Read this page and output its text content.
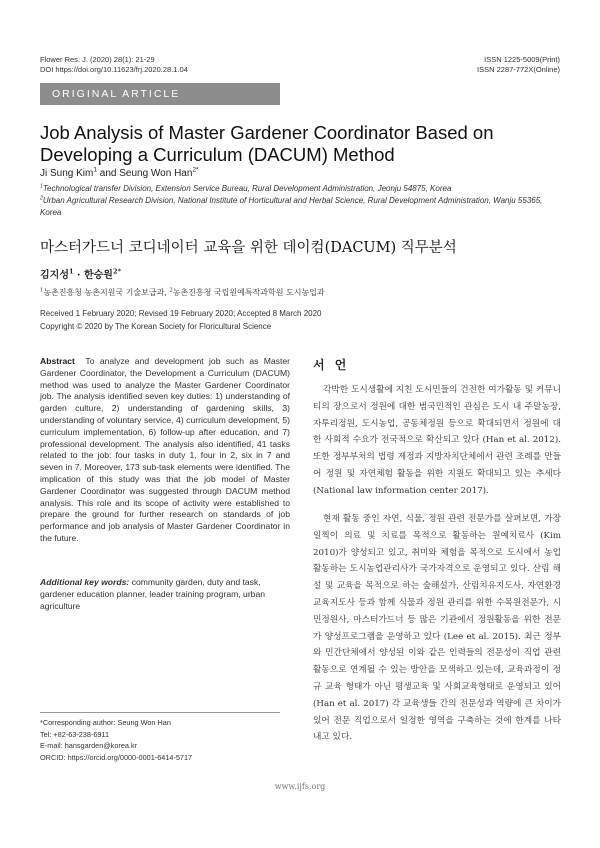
Flower Res. J. (2020) 28(1): 21-29
DOI https://doi.org/10.11623/frj.2020.28.1.04
ISSN 1225-5009(Print)
ISSN 2287-772X(Online)
ORIGINAL ARTICLE
Job Analysis of Master Gardener Coordinator Based on Developing a Curriculum (DACUM) Method
Ji Sung Kim$^1$ and Seung Won Han$^{2*}$
$^1$Technological transfer Division, Extension Service Bureau, Rural Development Administration, Jeonju 54875, Korea
$^2$Urban Agricultural Research Division, National Institute of Horticultural and Herbal Science, Rural Development Administration, Wanju 55365, Korea
마스터가드너 코디네이터 교육을 위한 데이컴(DACUM) 직무분석
김지성$^1$ · 한승원$^{2*}$
$^1$농촌진흥청 농촌지원국 기술보급과, $^2$농촌진흥청 국립원예특작과학원 도시농업과
Received 1 February 2020; Revised 19 February 2020; Accepted 8 March 2020
Copyright © 2020 by The Korean Society for Floricultural Science
Abstract To analyze and development job such as Master Gardener Coordinator, the Development a Curriculum (DACUM) method was used to analyze the Master Gardener Coordinator job. The analysis identified seven key duties: 1) understanding of garden culture, 2) understanding of gardening skills, 3) understanding of voluntary service, 4) curriculum development, 5) curriculum implementation, 6) follow-up after education, and 7) professional development. The analysis also identified, 41 tasks related to the job: four tasks in duty 1, four in 2, six in 7 and seven in 7. Moreover, 173 sub-task elements were identified. The implication of this study was that the job model of Master Gardener Coordinator was suggested through DACUM method analysis. This role and its scope of activity were established to prepare the ground for further research on standards of job performance and job analysis of Master Gardener Coordinator in the future.
Additional key words: community garden, duty and task, gardener education planner, leader training program, urban agriculture
*Corresponding author: Seung Won Han
Tel: +82-63-238-6911
E-mail: hansgarden@korea.kr
ORCID: https://orcid.org/0000-0001-6414-5717
서 언
각박한 도시생활에 지친 도시민들의 건전한 여가활동 및 커뮤니티의 장으로서 정원에 대한 범국민적인 관심은 도시 내 주말농장, 자투리정원, 도시농업, 공동체정원 등으로 확대되면서 정원에 대한 사회적 수요가 전국적으로 확산되고 있다 (Han et al. 2012). 또한 정부부처의 법령 제정과 지방자치단체에서 관련 조례를 만들어 정원 및 자연체험 활동을 위한 지원도 확대되고 있는 추세다(National law information center 2017).
현재 활동 중인 자연, 식물, 정원 관련 전문가를 살펴보면, 가장 일찍이 의료 및 치료를 목적으로 활동하는 원예치료사 (Kim 2010)가 양성되고 있고, 취미와 체험을 목적으로 도시에서 농업 활동하는 도시농업관리사가 국가자격으로 운영되고 있다. 산림 해설 및 교육을 목적으로 하는 숲해설가, 산림치유지도사, 자연환경교육지도사 등과 함께 식물과 정원 관리를 위한 수목원전문가, 시민정원사, 마스터가드너 등 많은 기관에서 정원활동을 위한 전문가 양성프로그램을 운영하고 있다 (Lee et al. 2015). 최근 정부와 민간단체에서 양성된 이와 같은 인력들의 전문성이 직업 관련 활동으로 연계될 수 있는 방안을 모색하고 있는데, 교육과정이 정규 교육 형태가 아닌 평생교육 및 사회교육형태로 운영되고 있어(Han et al. 2017) 각 교육생들 간의 전문성과 역량에 큰 차이가 있어 전문 직업으로서 일정한 영역을 구축하는 것에 한계를 나타내고 있다.
www.ijfs.org
